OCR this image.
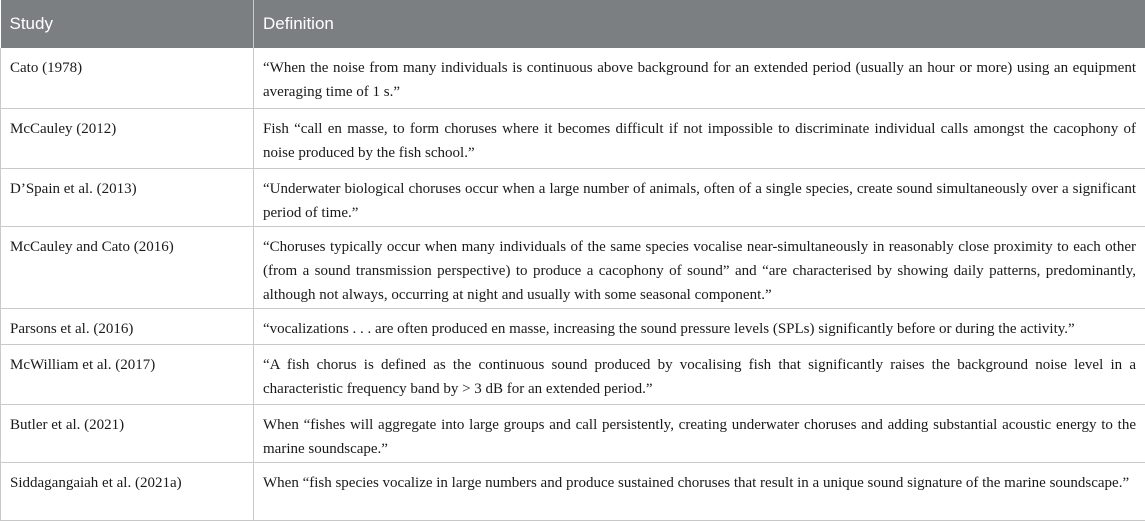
Study	Definition
Cato (1978)	“When the noise from many individuals is continuous above background for an extended period (usually an hour or more) using an equipment averaging time of 1 s.”
McCauley (2012)	Fish “call en masse, to form choruses where it becomes difficult if not impossible to discriminate individual calls amongst the cacophony of noise produced by the fish school.”
D’Spain et al. (2013)	“Underwater biological choruses occur when a large number of animals, often of a single species, create sound simultaneously over a significant period of time.”
McCauley and Cato (2016)	“Choruses typically occur when many individuals of the same species vocalise near-simultaneously in reasonably close proximity to each other (from a sound transmission perspective) to produce a cacophony of sound” and “are characterised by showing daily patterns, predominantly, although not always, occurring at night and usually with some seasonal component.”
Parsons et al. (2016)	“vocalizations . . . are often produced en masse, increasing the sound pressure levels (SPLs) significantly before or during the activity.”
McWilliam et al. (2017)	“A fish chorus is defined as the continuous sound produced by vocalising fish that significantly raises the background noise level in a characteristic frequency band by > 3 dB for an extended period.”
Butler et al. (2021)	When “fishes will aggregate into large groups and call persistently, creating underwater choruses and adding substantial acoustic energy to the marine soundscape.”
Siddagangaiah et al. (2021a)	When “fish species vocalize in large numbers and produce sustained choruses that result in a unique sound signature of the marine soundscape.”
